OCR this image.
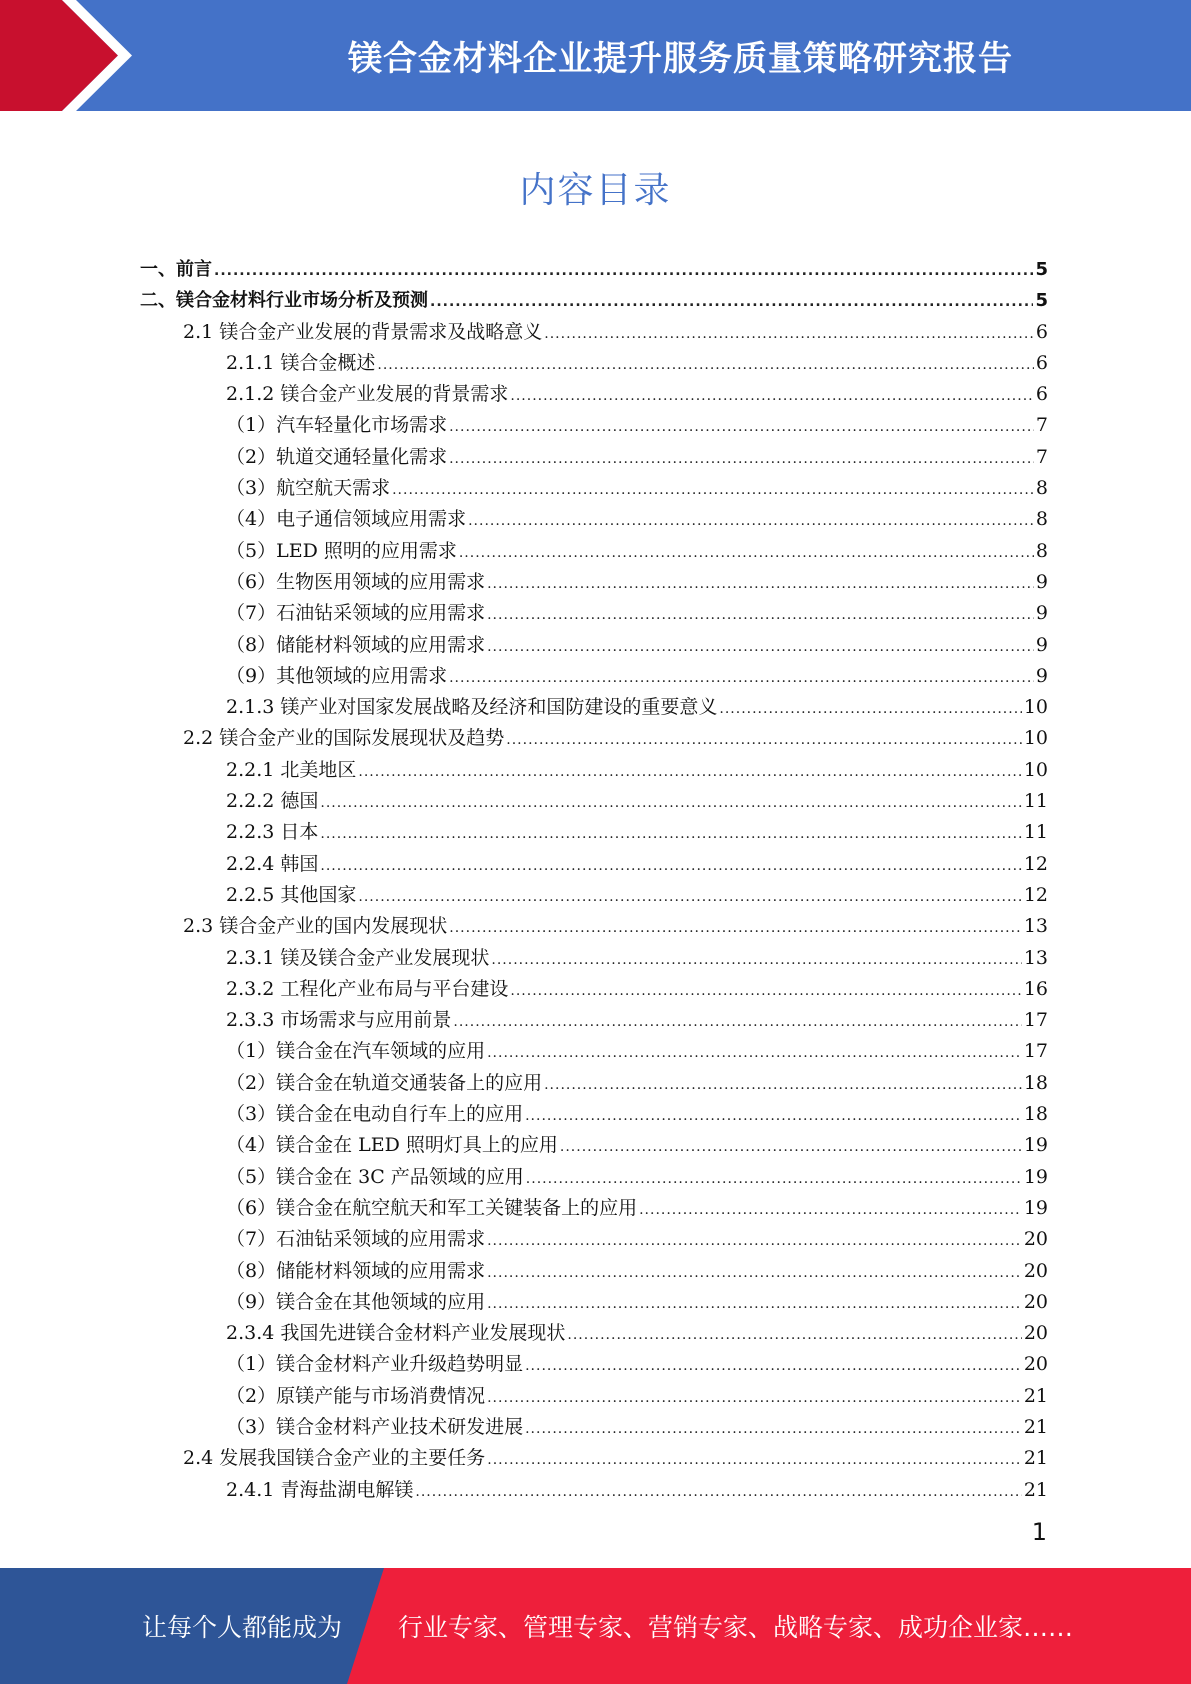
镁合金材料企业提升服务质量策略研究报告
内容目录
一、前言 .....	5
二、镁合金材料行业市场分析及预测 .....	5
2.1 镁合金产业发展的背景需求及战略意义 .....	6
2.1.1 镁合金概述 .....	6
2.1.2 镁合金产业发展的背景需求 .....	6
（1）汽车轻量化市场需求 .....	7
（2）轨道交通轻量化需求 .....	7
（3）航空航天需求 .....	8
（4）电子通信领域应用需求 .....	8
（5）LED 照明的应用需求 .....	8
（6）生物医用领域的应用需求 .....	9
（7）石油钻采领域的应用需求 .....	9
（8）储能材料领域的应用需求 .....	9
（9）其他领域的应用需求 .....	9
2.1.3 镁产业对国家发展战略及经济和国防建设的重要意义 .....	10
2.2 镁合金产业的国际发展现状及趋势 .....	10
2.2.1 北美地区 .....	10
2.2.2 德国 .....	11
2.2.3 日本 .....	11
2.2.4 韩国 .....	12
2.2.5 其他国家 .....	12
2.3 镁合金产业的国内发展现状 .....	13
2.3.1 镁及镁合金产业发展现状 .....	13
2.3.2 工程化产业布局与平台建设 .....	16
2.3.3 市场需求与应用前景 .....	17
（1）镁合金在汽车领域的应用 .....	17
（2）镁合金在轨道交通装备上的应用 .....	18
（3）镁合金在电动自行车上的应用 .....	18
（4）镁合金在 LED 照明灯具上的应用 .....	19
（5）镁合金在 3C 产品领域的应用 .....	19
（6）镁合金在航空航天和军工关键装备上的应用 .....	19
（7）石油钻采领域的应用需求 .....	20
（8）储能材料领域的应用需求 .....	20
（9）镁合金在其他领域的应用 .....	20
2.3.4 我国先进镁合金材料产业发展现状 .....	20
（1）镁合金材料产业升级趋势明显 .....	20
（2）原镁产能与市场消费情况 .....	21
（3）镁合金材料产业技术研发进展 .....	21
2.4 发展我国镁合金产业的主要任务 .....	21
2.4.1 青海盐湖电解镁 .....	21
1
让每个人都能成为 行业专家、管理专家、营销专家、战略专家、成功企业家……
